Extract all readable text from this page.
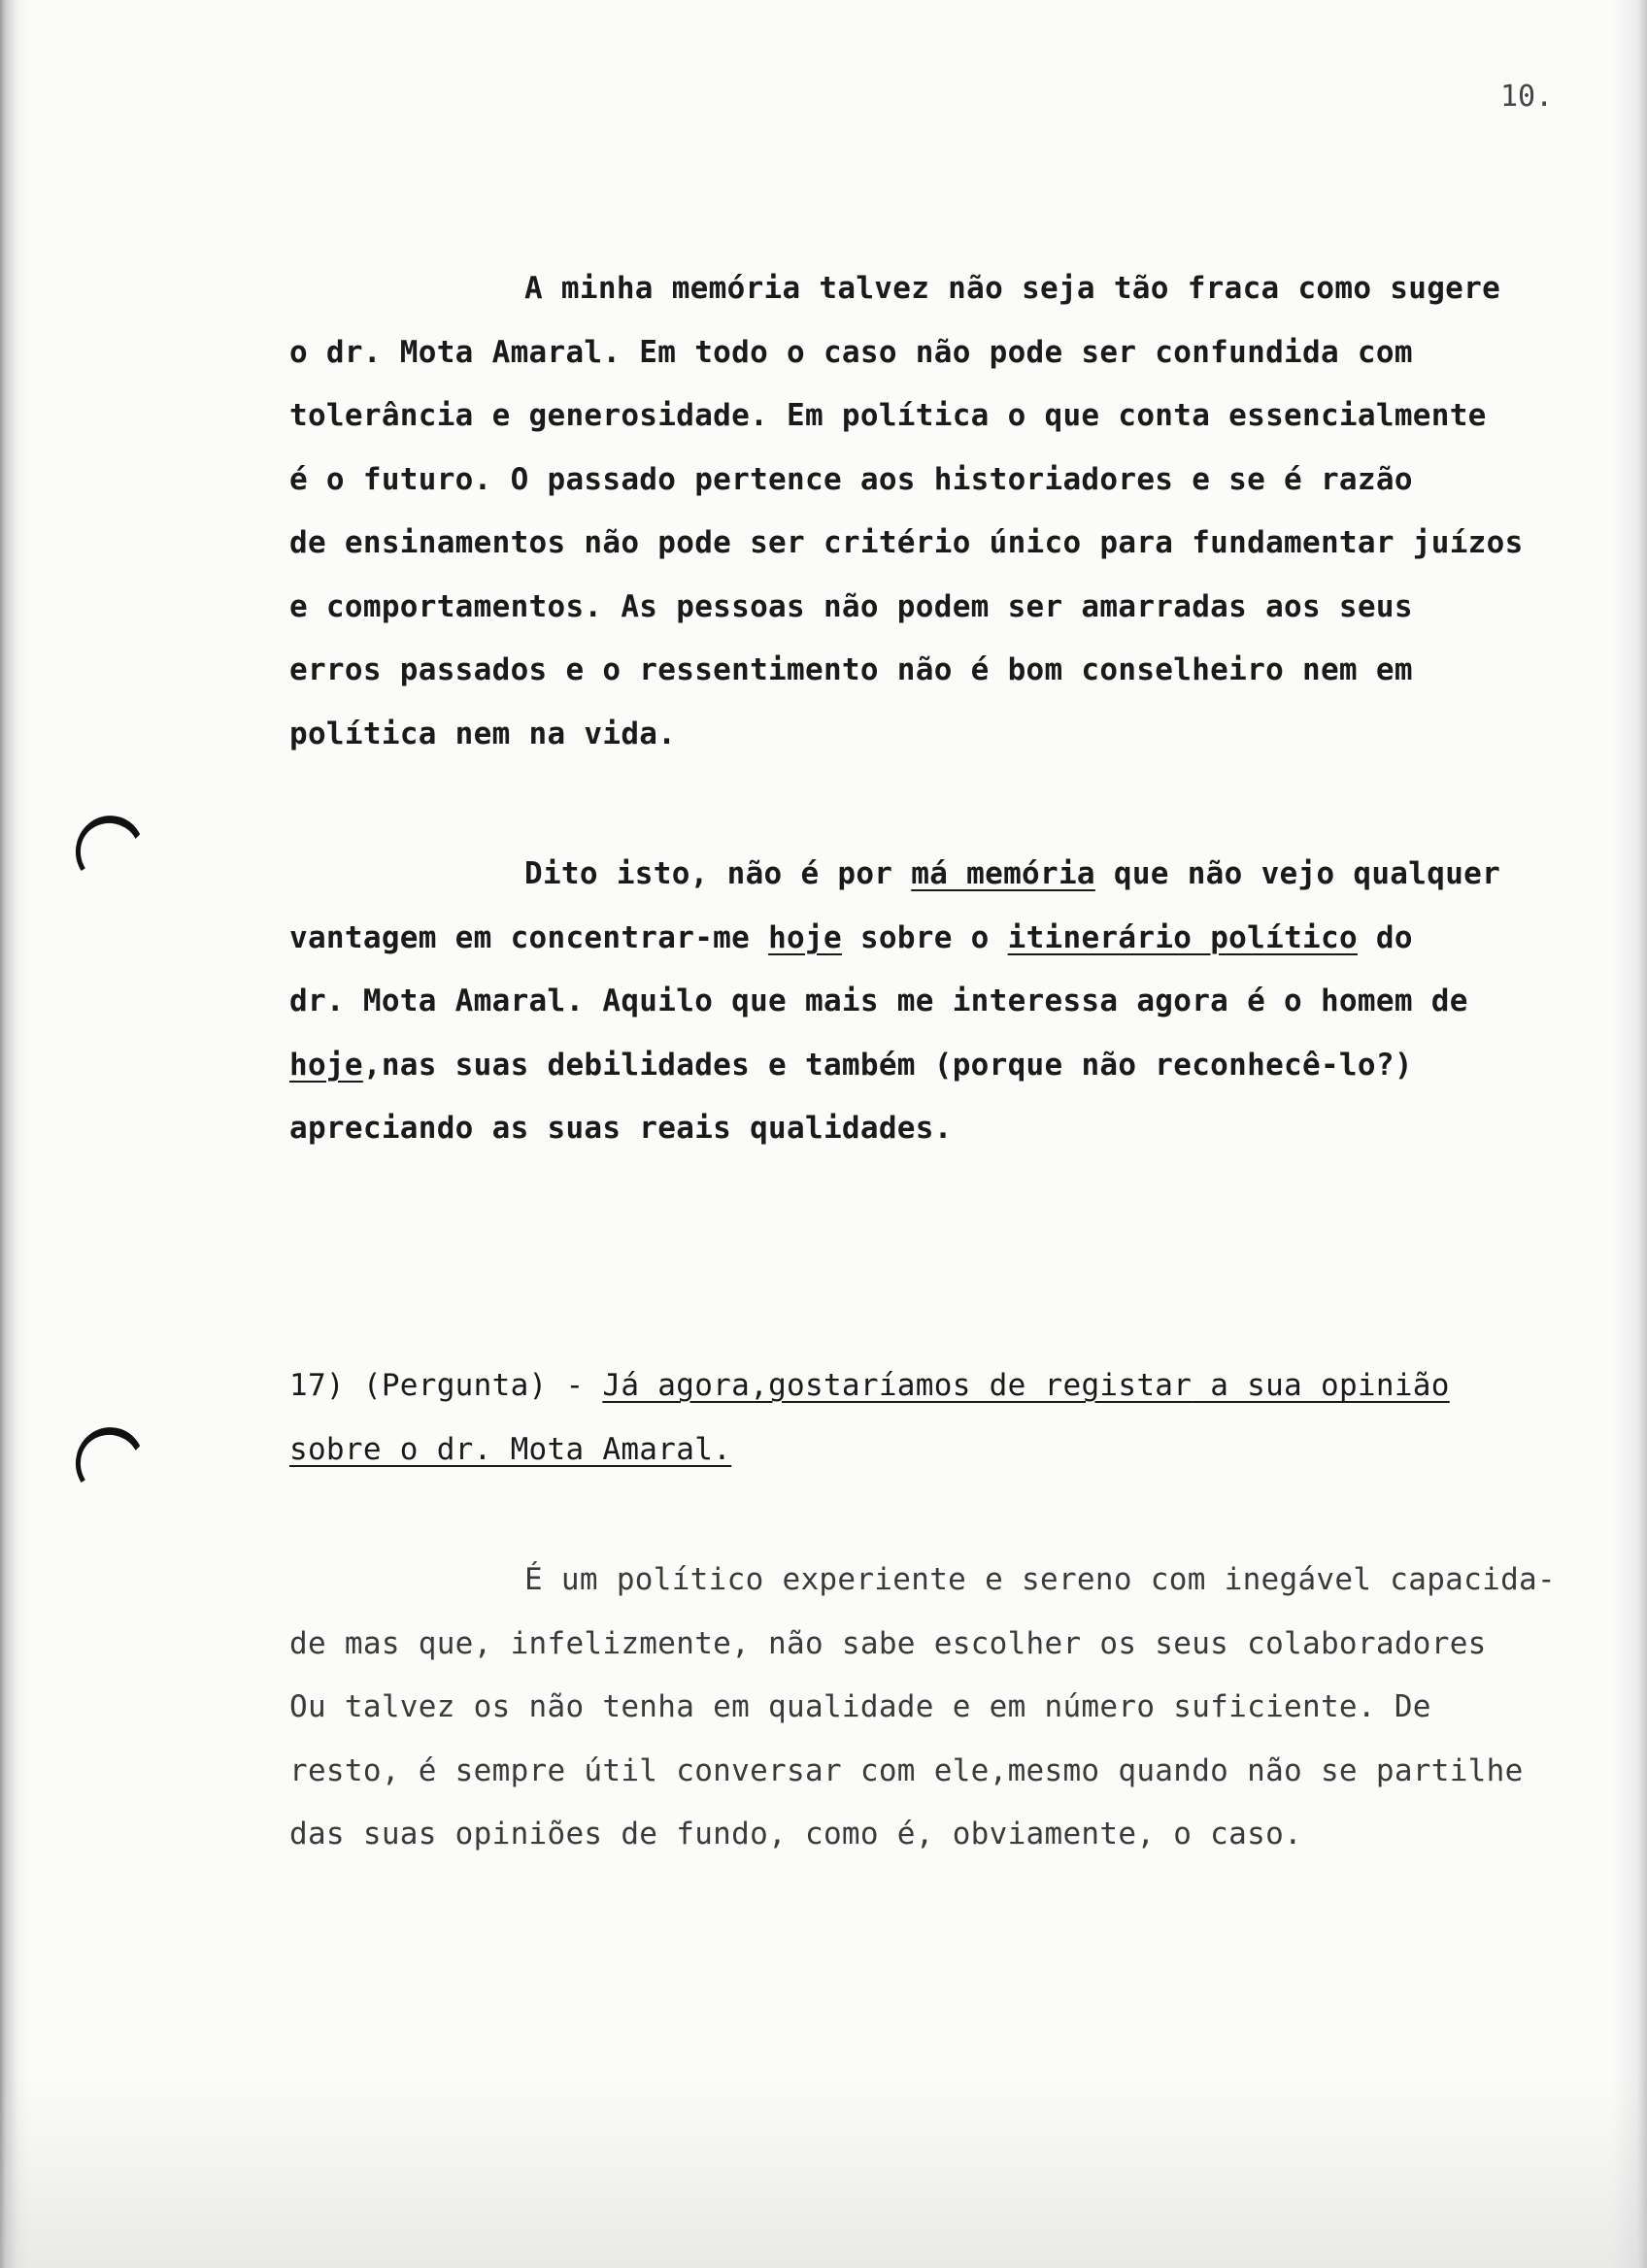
10.
A minha memória talvez não seja tão fraca como sugere
o dr. Mota Amaral. Em todo o caso não pode ser confundida com
tolerância e generosidade. Em política o que conta essencialmente
é o futuro. O passado pertence aos historiadores e se é razão
de ensinamentos não pode ser critério único para fundamentar juízos
e comportamentos. As pessoas não podem ser amarradas aos seus
erros passados e o ressentimento não é bom conselheiro nem em
política nem na vida.
Dito isto, não é por má memória que não vejo qualquer
vantagem em concentrar-me hoje sobre o itinerário político do
dr. Mota Amaral. Aquilo que mais me interessa agora é o homem de
hoje,nas suas debilidades e também (porque não reconhecê-lo?)
apreciando as suas reais qualidades.
17) (Pergunta) - Já agora,gostaríamos de registar a sua opinião
sobre o dr. Mota Amaral.
É um político experiente e sereno com inegável capacida-
de mas que, infelizmente, não sabe escolher os seus colaboradores
Ou talvez os não tenha em qualidade e em número suficiente. De
resto, é sempre útil conversar com ele,mesmo quando não se partilhe
das suas opiniões de fundo, como é, obviamente, o caso.
